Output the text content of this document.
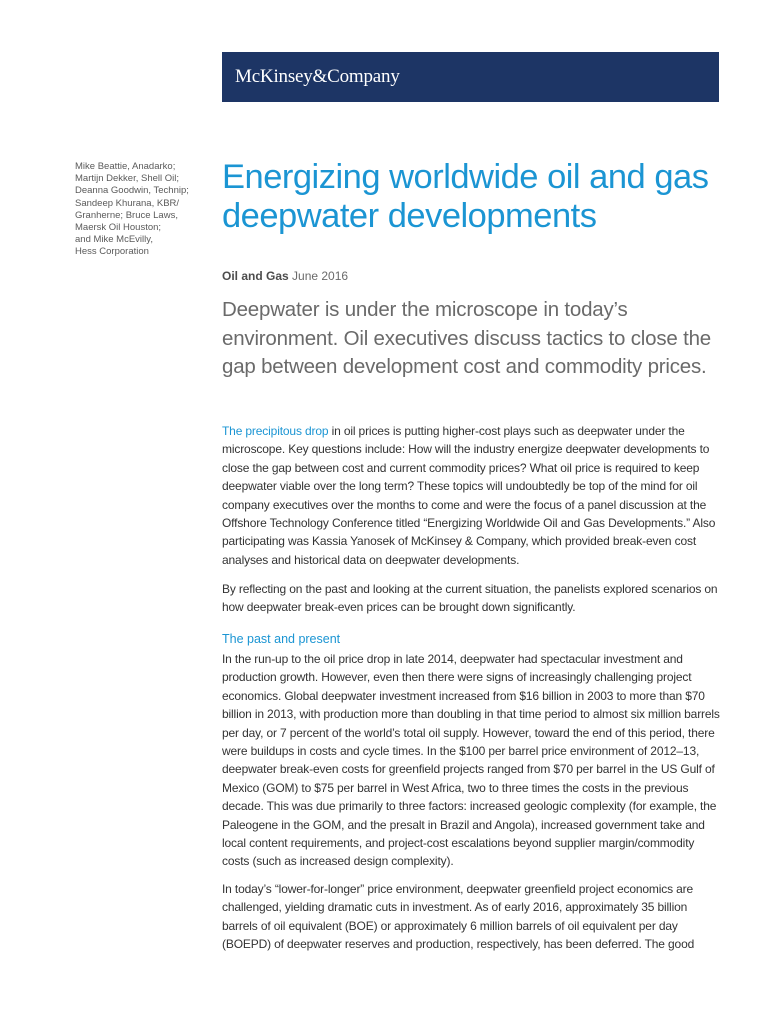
McKinsey&Company
Mike Beattie, Anadarko;
Martijn Dekker, Shell Oil;
Deanna Goodwin, Technip;
Sandeep Khurana, KBR/
Granherne; Bruce Laws,
Maersk Oil Houston;
and Mike McEvilly,
Hess Corporation
Energizing worldwide oil and gas deepwater developments
Oil and Gas June 2016
Deepwater is under the microscope in today’s environment. Oil executives discuss tactics to close the gap between development cost and commodity prices.
The precipitous drop in oil prices is putting higher-cost plays such as deepwater under the microscope. Key questions include: How will the industry energize deepwater developments to close the gap between cost and current commodity prices? What oil price is required to keep deepwater viable over the long term? These topics will undoubtedly be top of the mind for oil company executives over the months to come and were the focus of a panel discussion at the Offshore Technology Conference titled “Energizing Worldwide Oil and Gas Developments.” Also participating was Kassia Yanosek of McKinsey & Company, which provided break-even cost analyses and historical data on deepwater developments.
By reflecting on the past and looking at the current situation, the panelists explored scenarios on how deepwater break-even prices can be brought down significantly.
The past and present
In the run-up to the oil price drop in late 2014, deepwater had spectacular investment and production growth. However, even then there were signs of increasingly challenging project economics. Global deepwater investment increased from $16 billion in 2003 to more than $70 billion in 2013, with production more than doubling in that time period to almost six million barrels per day, or 7 percent of the world’s total oil supply. However, toward the end of this period, there were buildups in costs and cycle times. In the $100 per barrel price environment of 2012–13, deepwater break-even costs for greenfield projects ranged from $70 per barrel in the US Gulf of Mexico (GOM) to $75 per barrel in West Africa, two to three times the costs in the previous decade. This was due primarily to three factors: increased geologic complexity (for example, the Paleogene in the GOM, and the presalt in Brazil and Angola), increased government take and local content requirements, and project-cost escalations beyond supplier margin/commodity costs (such as increased design complexity).
In today’s “lower-for-longer” price environment, deepwater greenfield project economics are challenged, yielding dramatic cuts in investment. As of early 2016, approximately 35 billion barrels of oil equivalent (BOE) or approximately 6 million barrels of oil equivalent per day (BOEPD) of deepwater reserves and production, respectively, has been deferred. The good
